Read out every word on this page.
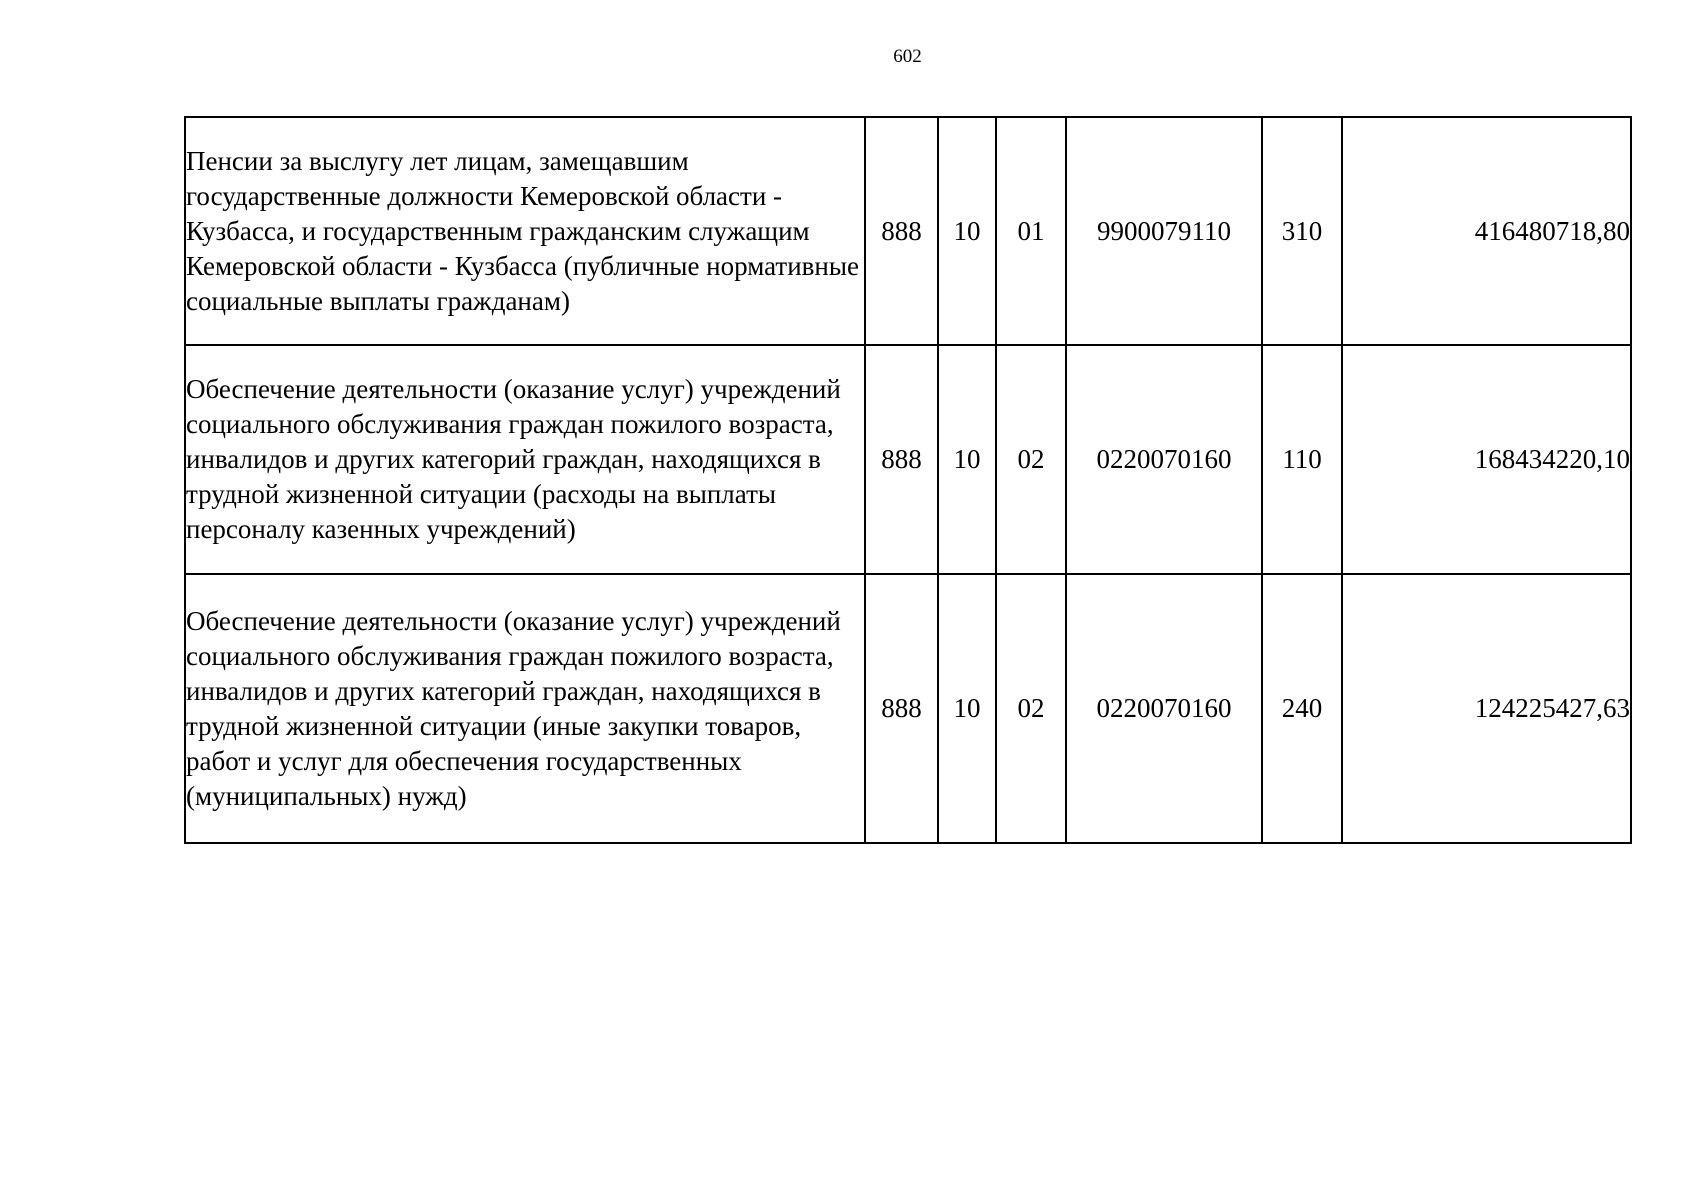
602
Пенсии за выслугу лет лицам, замещавшим государственные должности Кемеровской области - Кузбасса, и государственным гражданским служащим Кемеровской области - Кузбасса (публичные нормативные социальные выплаты гражданам)	888	10	01	9900079110	310	416480718,80
Обеспечение деятельности (оказание услуг) учреждений социального обслуживания граждан пожилого возраста, инвалидов и других категорий граждан, находящихся в трудной жизненной ситуации (расходы на выплаты персоналу казенных учреждений)	888	10	02	0220070160	110	168434220,10
Обеспечение деятельности (оказание услуг) учреждений социального обслуживания граждан пожилого возраста, инвалидов и других категорий граждан, находящихся в трудной жизненной ситуации (иные закупки товаров, работ и услуг для обеспечения государственных (муниципальных) нужд)	888	10	02	0220070160	240	124225427,63
